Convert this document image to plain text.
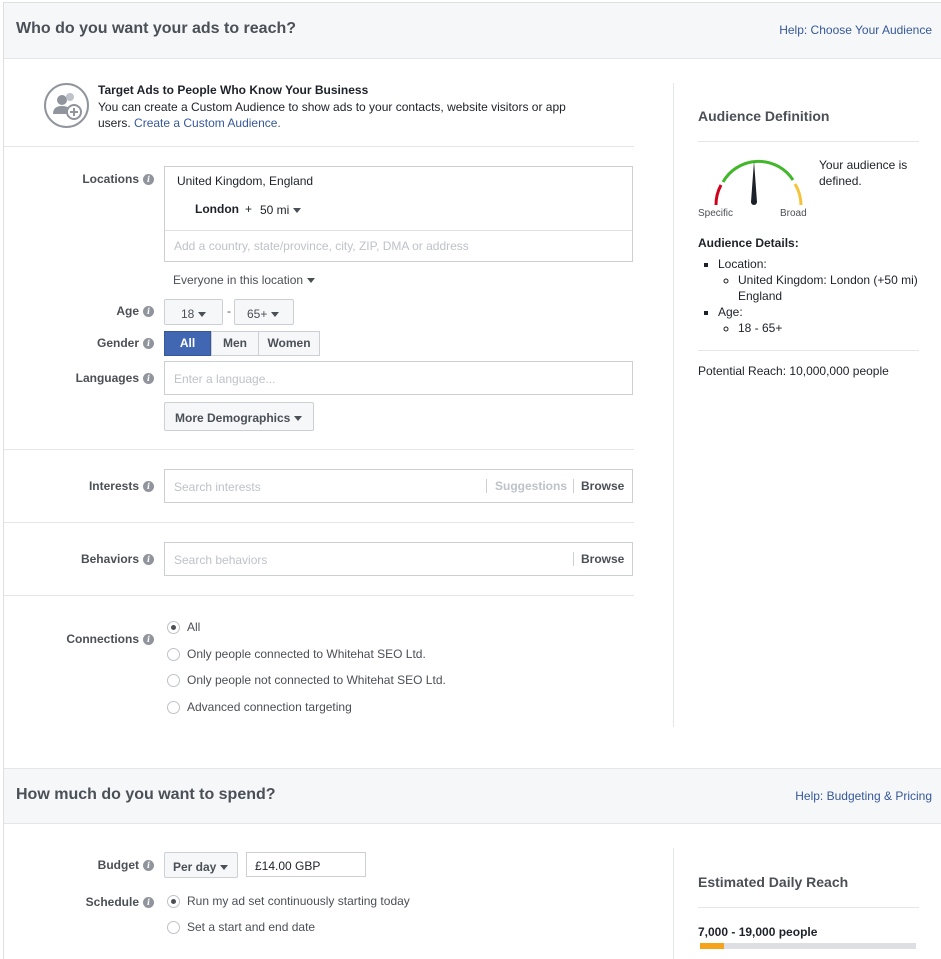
Who do you want your ads to reach?	Help: Choose Your Audience
Target Ads to People Who Know Your Business
You can create a Custom Audience to show ads to your contacts, website visitors or app users. Create a Custom Audience.
Locations i	United Kingdom, England
London + 50 mi
Add a country, state/province, city, ZIP, DMA or address
Everyone in this location
Age i	18	-	65+
Gender i	All	Men	Women
Languages i	Enter a language...
More Demographics
Interests i	Search interests	Suggestions Browse
Behaviors i	Search behaviors	Browse
Connections i
All
Only people connected to Whitehat SEO Ltd.
Only people not connected to Whitehat SEO Ltd.
Advanced connection targeting
Audience Definition
Specific	Broad
Your audience is defined.
Audience Details:
▪ Location:
◦ United Kingdom: London (+50 mi) England
▪ Age:
◦ 18 - 65+
Potential Reach: 10,000,000 people
How much do you want to spend?	Help: Budgeting & Pricing
Budget i	Per day	£14.00 GBP
Schedule i	Run my ad set continuously starting today
Set a start and end date
Estimated Daily Reach
7,000 - 19,000 people
